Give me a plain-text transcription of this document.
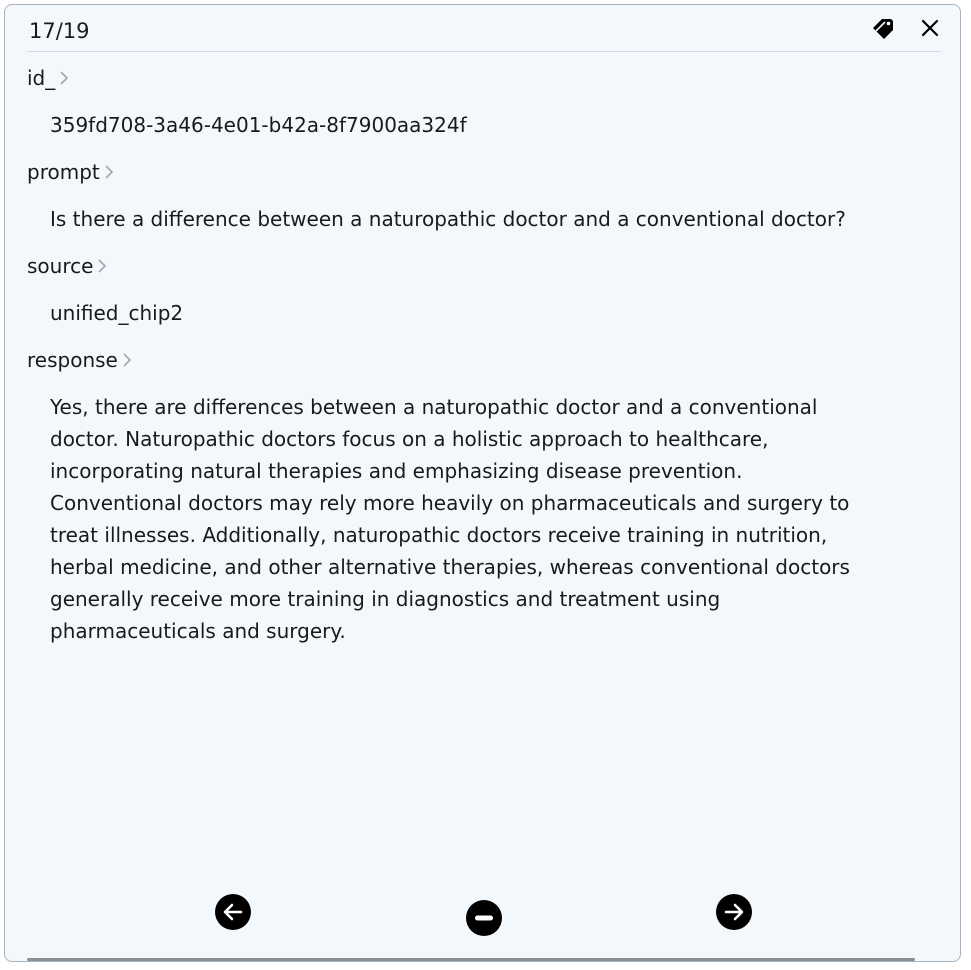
17/19
id_
359fd708-3a46-4e01-b42a-8f7900aa324f
prompt
Is there a difference between a naturopathic doctor and a conventional doctor?
source
unified_chip2
response
Yes, there are differences between a naturopathic doctor and a conventional
doctor. Naturopathic doctors focus on a holistic approach to healthcare,
incorporating natural therapies and emphasizing disease prevention.
Conventional doctors may rely more heavily on pharmaceuticals and surgery to
treat illnesses. Additionally, naturopathic doctors receive training in nutrition,
herbal medicine, and other alternative therapies, whereas conventional doctors
generally receive more training in diagnostics and treatment using
pharmaceuticals and surgery.
